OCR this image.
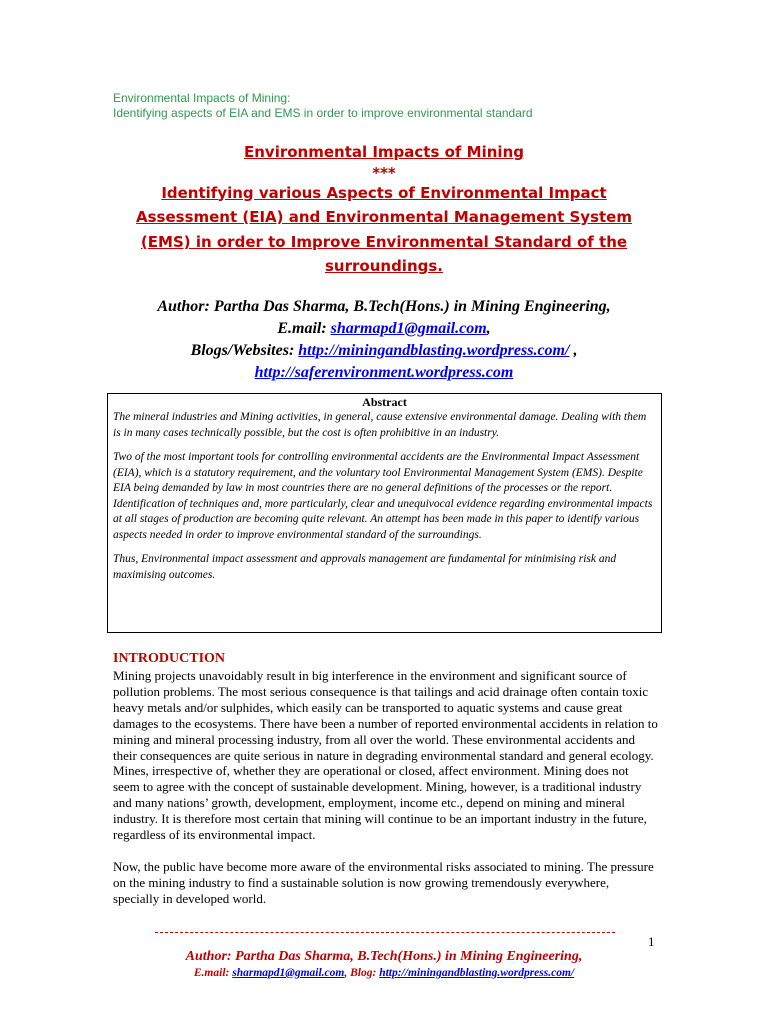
Environmental Impacts of Mining:
Identifying aspects of EIA and EMS in order to improve environmental standard
Environmental Impacts of Mining
***
Identifying various Aspects of Environmental Impact
Assessment (EIA) and Environmental Management System
(EMS) in order to Improve Environmental Standard of the
surroundings.
Author: Partha Das Sharma, B.Tech(Hons.) in Mining Engineering,
E.mail: sharmapd1@gmail.com,
Blogs/Websites: http://miningandblasting.wordpress.com/ ,
http://saferenvironment.wordpress.com
Abstract

The mineral industries and Mining activities, in general, cause extensive environmental damage. Dealing with them is in many cases technically possible, but the cost is often prohibitive in an industry.

Two of the most important tools for controlling environmental accidents are the Environmental Impact Assessment (EIA), which is a statutory requirement, and the voluntary tool Environmental Management System (EMS). Despite EIA being demanded by law in most countries there are no general definitions of the processes or the report. Identification of techniques and, more particularly, clear and unequivocal evidence regarding environmental impacts at all stages of production are becoming quite relevant. An attempt has been made in this paper to identify various aspects needed in order to improve environmental standard of the surroundings.

Thus, Environmental impact assessment and approvals management are fundamental for minimising risk and maximising outcomes.

INTRODUCTION

Mining projects unavoidably result in big interference in the environment and significant source of pollution problems. The most serious consequence is that tailings and acid drainage often contain toxic heavy metals and/or sulphides, which easily can be transported to aquatic systems and cause great damages to the ecosystems. There have been a number of reported environmental accidents in relation to mining and mineral processing industry, from all over the world. These environmental accidents and their consequences are quite serious in nature in degrading environmental standard and general ecology. Mines, irrespective of, whether they are operational or closed, affect environment. Mining does not seem to agree with the concept of sustainable development. Mining, however, is a traditional industry and many nations’ growth, development, employment, income etc., depend on mining and mineral industry. It is therefore most certain that mining will continue to be an important industry in the future, regardless of its environmental impact.

Now, the public have become more aware of the environmental risks associated to mining. The pressure on the mining industry to find a sustainable solution is now growing tremendously everywhere, specially in developed world.

1
Author: Partha Das Sharma, B.Tech(Hons.) in Mining Engineering,
E.mail: sharmapd1@gmail.com, Blog: http://miningandblasting.wordpress.com/
